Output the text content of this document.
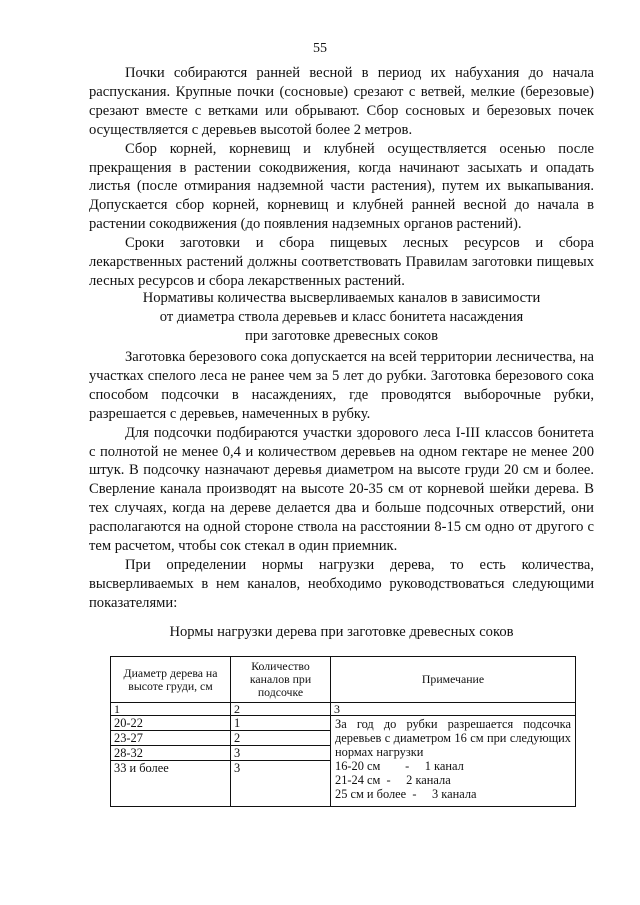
55

Почки собираются ранней весной в период их набухания до начала распускания. Крупные почки (сосновые) срезают с ветвей, мелкие (березовые) срезают вместе с ветками или обрывают. Сбор сосновых и березовых почек осуществляется с деревьев высотой более 2 метров.

Сбор корней, корневищ и клубней осуществляется осенью после прекращения в растении сокодвижения, когда начинают засыхать и опадать листья (после отмирания надземной части растения), путем их выкапывания. Допускается сбор корней, корневищ и клубней ранней весной до начала в растении сокодвижения (до появления надземных органов растений).

Сроки заготовки и сбора пищевых лесных ресурсов и сбора лекарственных растений должны соответствовать Правилам заготовки пищевых лесных ресурсов и сбора лекарственных растений.

Нормативы количества высверливаемых каналов в зависимости
от диаметра ствола деревьев и класс бонитета насаждения
при заготовке древесных соков

Заготовка березового сока допускается на всей территории лесничества, на участках спелого леса не ранее чем за 5 лет до рубки. Заготовка березового сока способом подсочки в насаждениях, где проводятся выборочные рубки, разрешается с деревьев, намеченных в рубку.

Для подсочки подбираются участки здорового леса I-III классов бонитета с полнотой не менее 0,4 и количеством деревьев на одном гектаре не менее 200 штук. В подсочку назначают деревья диаметром на высоте груди 20 см и более. Сверление канала производят на высоте 20-35 см от корневой шейки дерева. В тех случаях, когда на дереве делается два и больше подсочных отверстий, они располагаются на одной стороне ствола на расстоянии 8-15 см одно от другого с тем расчетом, чтобы сок стекал в один приемник.

При определении нормы нагрузки дерева, то есть количества, высверливаемых в нем каналов, необходимо руководствоваться следующими показателями:

Нормы нагрузки дерева при заготовке древесных соков
Диаметр дерева на высоте груди, см	Количество каналов при подсочке	Примечание
1	2	3
20-22	1	За год до рубки разрешается подсочка деревьев с диаметром 16 см при следующих нормах нагрузки
16-20 см        -     1 канал
21-24 см  -     2 канала
25 см и более  -     3 канала

23-27	2	
28-32	3	
33 и более	3	
